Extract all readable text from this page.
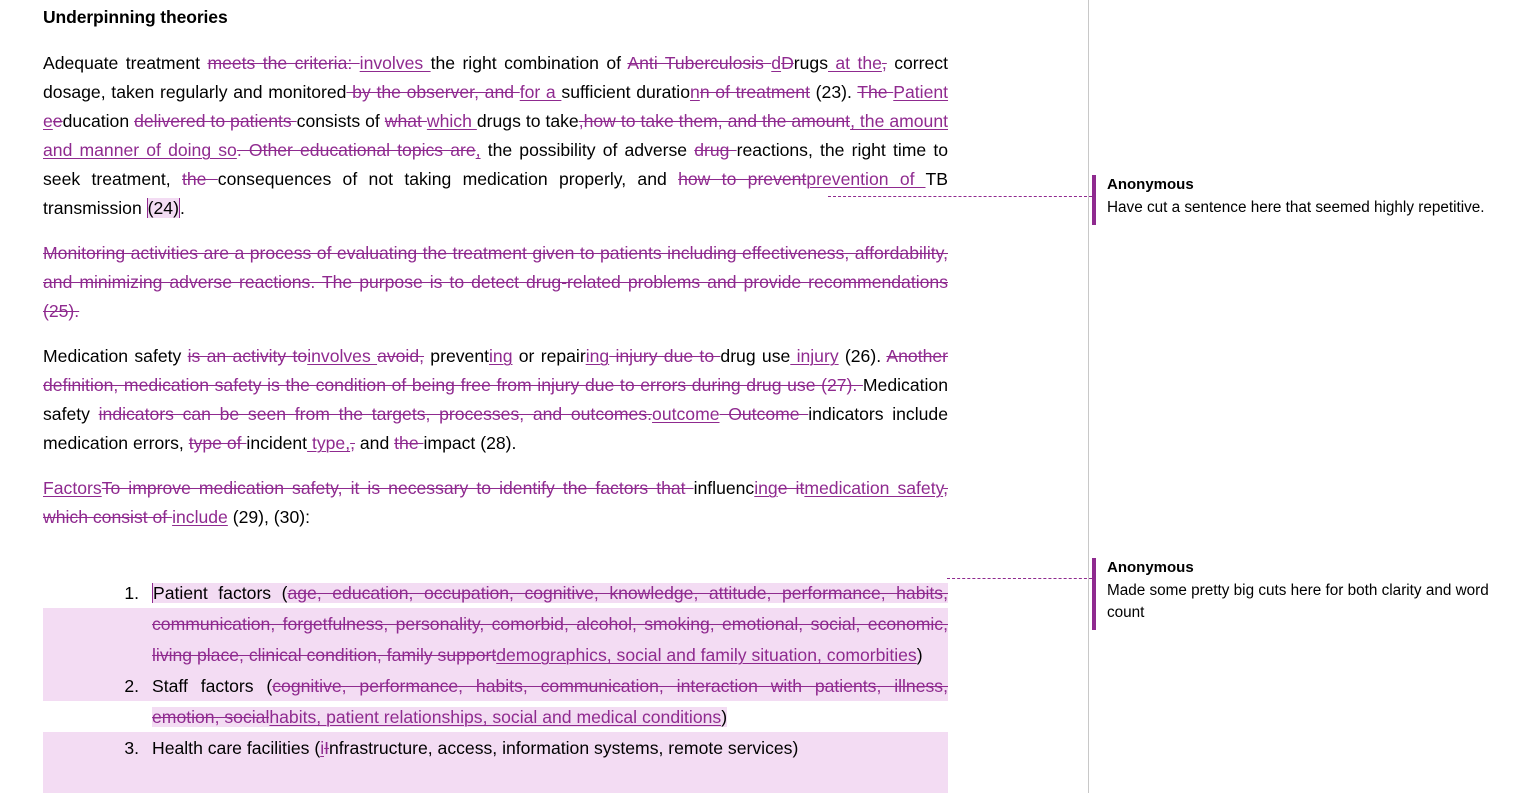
Underpinning theories

Adequate treatment meets the criteria: involves the right combination of Anti Tuberculosis dDrugs at the, correct dosage, taken regularly and monitored by the observer, and for a sufficient durationn of treatment (23). The Patient eeducation delivered to patients consists of what which drugs to take,how to take them, and the amount, the amount and manner of doing so. Other educational topics are, the possibility of adverse drug reactions, the right time to seek treatment, the consequences of not taking medication properly, and how to preventprevention of TB transmission (24).

Monitoring activities are a process of evaluating the treatment given to patients including effectiveness, affordability, and minimizing adverse reactions. The purpose is to detect drug-related problems and provide recommendations (25).

Medication safety is an activity toinvolves avoid, preventing or repairing injury due to drug use injury (26). Another definition, medication safety is the condition of being free from injury due to errors during drug use (27). Medication safety indicators can be seen from the targets, processes, and outcomes.outcome Outcome indicators include medication errors, type of incident type,, and the impact (28).

FactorsTo improve medication safety, it is necessary to identify the factors that influencinge itmedication safety, which consist of include (29), (30):

1. Patient factors (age, education, occupation, cognitive, knowledge, attitude, performance, habits, communication, forgetfulness, personality, comorbid, alcohol, smoking, emotional, social, economic, living place, clinical condition, family supportdemographics, social and family situation, comorbities)
2. Staff factors (cognitive, performance, habits, communication, interaction with patients, illness, emotion, socialhabits, patient relationships, social and medical conditions)
3. Health care facilities (iInfrastructure, access, information systems, remote services)

Anonymous

Have cut a sentence here that seemed highly repetitive.

Anonymous

Made some pretty big cuts here for both clarity and word count
